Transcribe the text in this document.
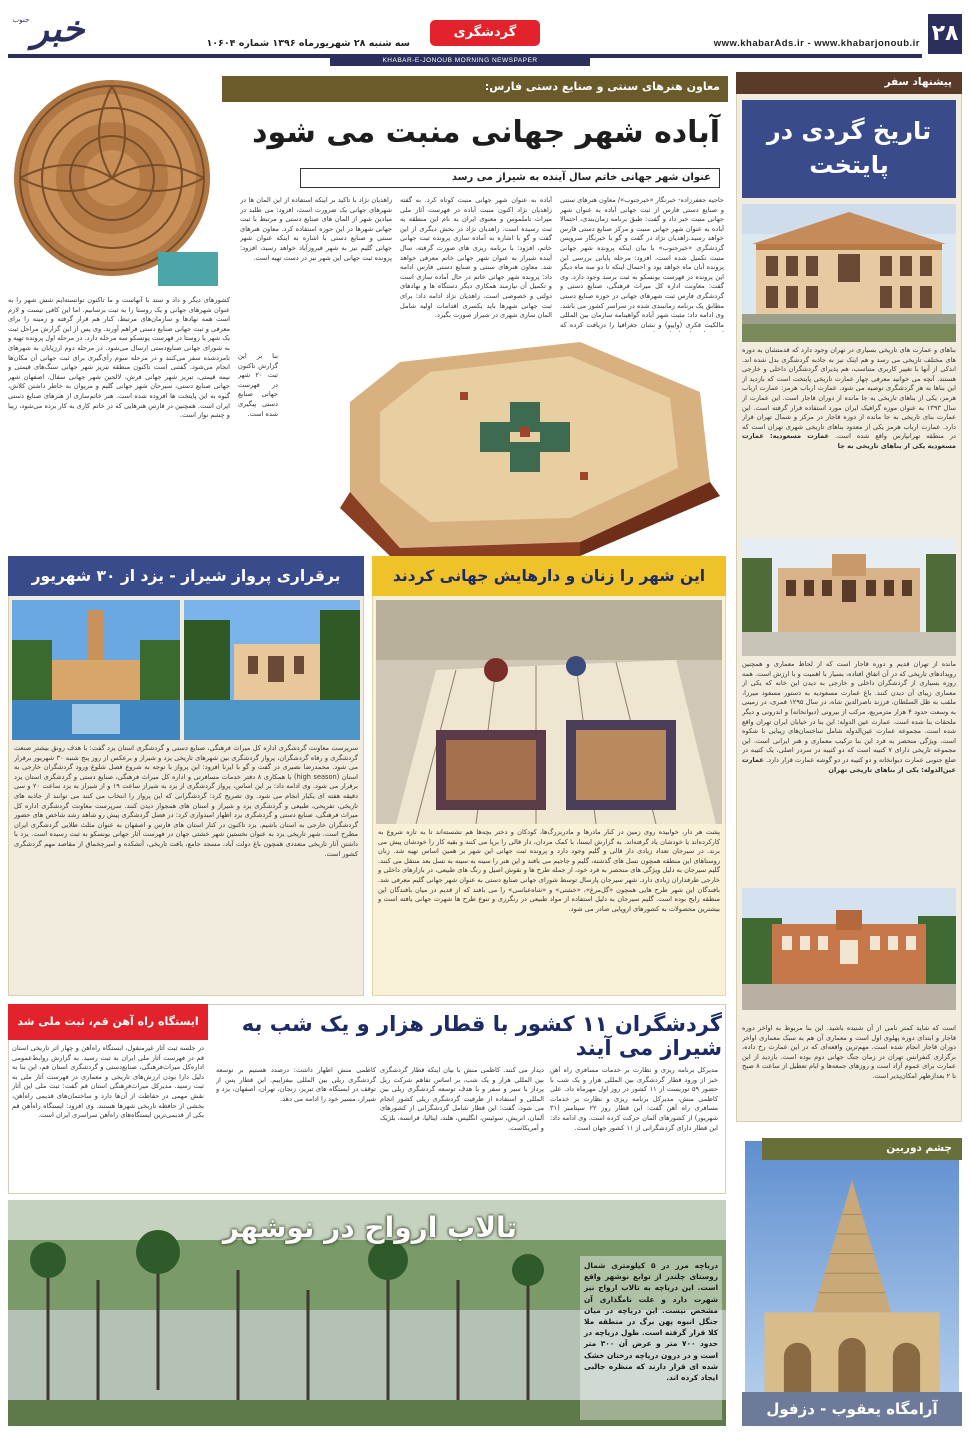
۲۸
www.khabarAds.ir - www.khabarjonoub.ir
گردشگری
سه شنبه ۲۸ شهریورماه ۱۳۹۶ شماره ۱۰۶۰۴
خبر
جنوب
KHABAR-E-JONOUB MORNING NEWSPAPER
پیشنهاد سفر
تاریخ گردی در پایتخت
بناهای و عمارت های تاریخی بسیاری در تهران وجود دارد که قدمتشان به دوره های مختلف تاریخی می رسد و هم اینک نیز به جاذبه گردشگری بدل شده اند. اندکی از آنها با تغییر کاربری متناسب، هم پذیرای گردشگران داخلی و خارجی هستند. آنچه می خوانید معرفی چهار عمارت تاریخی پایتخت است که بازدید از این بناها به هر گردشگری توصیه می شود. عمارت ارباب هرمز: عمارت ارباب هرمز، یکی از بناهای تاریخی به جا مانده از دوران قاجار است. این عمارت از سال ۱۳۹۳ به عنوان موزه گرافیک ایران مورد استفاده قرار گرفته است. این عمارت بنای تاریخی به جا مانده از دوره قاجار در مرکز و شمال تهران قرار دارد. عمارت ارباب هرمز یکی از معدود بناهای تاریخی شهری تهران است که در منطقه تهرانپارس واقع شده است. عمارت مسعودیه: عمارت مسعودیه یکی از بناهای تاریخی به جا
مانده از تهران قدیم و دوره قاجار است که از لحاظ معماری و همچنین رویدادهای تاریخی که در آن اتفاق افتاده، بسیار با اهمیت و با ارزش است. همه روزه بسیاری از گردشگران داخلی و خارجی به دیدن این خانه که یکی از معماری زیبای آن دیدن کنند. باغ عمارت مسعودیه به دستور مسعود میرزا، ملقب به ظل السلطان، فرزند ناصرالدین شاه، در سال ۱۲۹۵ قمری، در زمینی به وسعت حدود ۴ هزار مترمربع، مرکب از بیرونی (دیوانخانه) و اندرونی و دیگر ملحقات بنا شده است. عمارت عین الدوله: این بنا در خیابان ایران تهران واقع شده است. مجموعه عمارت عین‌الدوله شامل ساختمان‌های زیبایی با شکوه است. ویژگی منحصر به فرد این بنا ترکیب معماری و هنر ایرانی است. این مجموعه تاریخی دارای ۷ کتیبه است که دو کتیبه در سردر اصلی، یک کتیبه در ضلع جنوبی عمارت دیوانخانه و دو کتیبه در دو گوشه عمارت قرار دارد. عمارت عین‌الدوله: یکی از بناهای تاریخی تهران
است که شاید کمتر نامی از آن شنیده باشید. این بنا مربوط به اواخر دوره قاجار و ابتدای دوره پهلوی اول است و معماری آن هم به سبک معماری اواخر دوران قاجار انجام شده است. مهم‌ترین واقعه‌ای که در این عمارت رخ داده، برگزاری کنفرانس تهران در زمان جنگ جهانی دوم بوده است. بازدید از این عمارت برای عموم آزاد است و روزهای جمعه‌ها و ایام تعطیل از ساعت ۸ صبح تا ۲ بعدازظهر امکان‌پذیر است.
چشم دوربین
آرامگاه یعقوب - دزفول
معاون هنرهای سنتی و صنایع دستی فارس:
آباده شهر جهانی منبت می شود
عنوان شهر جهانی خاتم سال آینده به شیراز می رسد
حاجیه جعفرزاده- خبرنگار «خبرجنوب»/ معاون هنرهای سنتی و صنایع دستی فارس از ثبت جهانی آباده به عنوان شهر جهانی منبت خبر داد و گفت: طبق برنامه زمان‌بندی، احتمالا آباده به عنوان شهر جهانی منبت و مرکز صنایع دستی فارس خواهد رسید.زاهدیان نژاد در گفت و گو با خبرنگار سرویس گردشگری «خبرجنوب» با بیان اینکه پرونده شهر جهانی منبت تکمیل شده است، افزود: مرحله پایانی بررسی این پرونده آبان ماه خواهد بود و احتمال اینکه تا دو سه ماه دیگر این پرونده در فهرست یونسکو به ثبت برسد وجود دارد. وی گفت: معاونت اداره کل میراث فرهنگی، صنایع دستی و گردشگری فارس ثبت شهرهای جهانی در حوزه صنایع دستی مطابق یک برنامه زمانبندی شده در سراسر کشور می باشد. وی ادامه داد: مثبت شهر آباده گواهینامه سازمان بین المللی مالکیت فکری (وایپو) و نشان جغرافیا را دریافت کرده که
آباده به عنوان شهر جهانی منبت کوتاه کرد. به گفته زاهدیان نژاد اکنون منبت آباده در فهرست آثار ملی میراث ناملموس و معنوی ایران به نام این منطقه به ثبت رسیده است. زاهدیان نژاد در بخش دیگری از این گفت و گو با اشاره به آماده سازی پرونده ثبت جهانی خاتم، افزود: با برنامه ریزی های صورت گرفته، سال آینده شیراز به عنوان شهر جهانی خاتم معرفی خواهد شد. معاون هنرهای سنتی و صنایع دستی فارس ادامه داد: پرونده شهر جهانی خاتم در حال آماده سازی است و تکمیل آن نیازمند همکاری دیگر دستگاه ها و نهادهای دولتی و خصوصی است. زاهدیان نژاد ادامه داد: برای ثبت جهانی شهرها باید یکسری اقدامات اولیه شامل المان سازی شهری در شیراز صورت بگیرد.
زاهدیان نژاد با تاکید بر اینکه استفاده از این المان ها در شهرهای جهانی یک ضرورت است، افزود: می طلبد در میادین شهر از المان های صنایع دستی و مرتبط با ثبت جهانی شهرها در این حوزه استفاده کرد. معاون هنرهای سنتی و صنایع دستی با اشاره به اینکه عنوان شهر جهانی گلیم نیز به شهر فیروزآباد خواهد رسید، افزود: پرونده ثبت جهانی این شهر نیز در دست تهیه است.
کشورهای دیگر و داد و ستد با آنهاست و ما تاکنون توانسته‌ایم شش شهر را به عنوان شهرهای جهانی و یک روستا را به ثبت برسانیم. اما این کافی نیست و لازم است همه نهادها و سازمان‌های مرتبط، کنار هم قرار گرفته و زمینه را برای معرفی و ثبت جهانی صنایع دستی فراهم آورند. وی پس از این گزارش مراحل ثبت یک شهر یا روستا در فهرست یونسکو سه مرحله دارد. در مرحله اول پرونده تهیه و به شورای جهانی صنایع‌دستی ارسال می‌شود. در مرحله دوم ارزیابان به شهرهای نامزدشده سفر می‌کنند و در مرحله سوم رأی‌گیری برای ثبت جهانی آن مکان‌ها انجام می‌شود. گفتنی است تاکنون منطقه تبریز شهر جهانی سنگ‌های قیمتی و نیمه قیمتی، تبریز شهر جهانی فرش، لالجین شهر جهانی سفال، اصفهان شهر جهانی صنایع دستی، سیرجان شهر جهانی گلیم و مریوان به خاطر داشتن کلاش، گیوه به این پایتخت ها افزوده شده است. هنر خاتم‌سازی از هنرهای صنایع دستی ایران است. همچنین در فارس هنرهایی که در خاتم کاری به کار برده می‌شود، زیبا و چشم نواز است.
بنا بر این گزارش تاکنون ثبت ۲۰ شهر در فهرست جهانی صنایع دستی پیگیری شده است.
برقراری پرواز شیراز - یزد از ۳۰ شهریور
سرپرست معاونت گردشگری اداره کل میراث فرهنگی، صنایع دستی و گردشگری استان یزد گفت: با هدف رونق بیشتر صنعت گردشگری و رفاه گردشگران، پرواز گردشگری بین شهرهای تاریخی یزد و شیراز و برعکس از روز پنج شنبه ۳۰ شهریور برقرار می شود. محمدرضا نصیری در گفت و گو با ایرنا افزود: این پرواز با توجه به شروع فصل شلوغ ورود گردشگران خارجی به استان (high season) با همکاری ۸ دفتر خدمات مسافرتی و اداره کل میراث فرهنگی، صنایع دستی و گردشگری استان یزد برقرار می شود. وی ادامه داد: بر این اساس، پرواز گردشگری از یزد به شیراز ساعت ۱۹ و از شیراز به یزد ساعت ۲۰ و سی دقیقه هفته ای یکبار انجام می شود. وی تصریح کرد: گردشگرانی که این پرواز را انتخاب می کنند می توانند از جاذبه های تاریخی، تفریحی، طبیعی و گردشگری یزد و شیراز و استان های همجوار دیدن کنند. سرپرست معاونت گردشگری اداره کل میراث فرهنگی، صنایع دستی و گردشگری یزد اظهار امیدواری کرد: در فصل گردشگری پیش رو شاهد رشد شاخص های حضور گردشگران خارجی به استان باشیم. یزد تاکنون در کنار استان های فارس و اصفهان به عنوان مثلث طلایی گردشگری ایران مطرح است. شهر تاریخی یزد به عنوان نخستین شهر خشتی جهان در فهرست آثار جهانی یونسکو به ثبت رسیده است. یزد با داشتن آثار تاریخی متعددی همچون باغ دولت آباد، مسجد جامع، بافت تاریخی، آتشکده و امیرچخماق از مقاصد مهم گردشگری کشور است.
این شهر را زنان و دارهایش جهانی کردند
پشت هر دار، خوابیده روی زمین در کنار مادرها و مادربزرگ‌ها، کودکان و دختر بچه‌ها هم نشسته‌اند تا به تازه شروع به کارکرده‌اند یا خودشان یاد گرفته‌اند. به گزارش ایسنا، با کمک مردان، دار قالی را برپا می کنند و بقیه کار را خودشان پیش می برند. در سیرجان تعداد زیادی دار قالی و گلیم وجود دارد و پرونده ثبت جهانی این شهر بر همین اساس تهیه شد. زنان روستاهای این منطقه همچون نسل های گذشته، گلیم و جاجیم می بافند و این هنر را سینه به سینه به نسل بعد منتقل می کنند. گلیم سیرجان به دلیل ویژگی های منحصر به فرد خود، از جمله طرح ها و نقوش اصیل و رنگ های طبیعی، در بازارهای داخلی و خارجی طرفداران زیادی دارد. شهر سیرجان پارسال توسط شورای جهانی صنایع دستی به عنوان شهر جهانی گلیم معرفی شد. بافندگان این شهر طرح هایی همچون «گل‌مرغ»، «خشتی» و «شاه‌عباسی» را می بافند که از قدیم در میان بافندگان این منطقه رایج بوده است. گلیم سیرجان به دلیل استفاده از مواد طبیعی در رنگرزی و تنوع طرح ها شهرت جهانی یافته است و بیشترین محصولات به کشورهای اروپایی صادر می شود.
ایستگاه راه آهن قم، ثبت ملی شد
در جلسه ثبت آثار غیرمنقول، ایستگاه راه‌آهن و چهار اثر تاریخی استان قم در فهرست آثار ملی ایران به ثبت رسید. به گزارش روابط‌عمومی اداره‌کل میراث‌فرهنگی، صنایع‌دستی و گردشگری استان قم، این بنا به دلیل دارا بودن ارزش‌های تاریخی و معماری در فهرست آثار ملی به ثبت رسید. مدیرکل میراث‌فرهنگی استان قم گفت: ثبت ملی این آثار نقش مهمی در حفاظت از آن‌ها دارد و ساختمان‌های قدیمی راه‌آهن، بخشی از حافظه تاریخی شهرها هستند. وی افزود: ایستگاه راه‌آهن قم یکی از قدیمی‌ترین ایستگاه‌های راه‌آهن سراسری ایران است.
گردشگران ۱۱ کشور با قطار هزار و یک شب به شیراز می آیند
مدیرکل برنامه ریزی و نظارت بر خدمات مسافری راه آهن خبر از ورود قطار گردشگری بین المللی هزار و یک شب با حضور ۵۹ توریست از ۱۱ کشور در روز اول مهرماه داد. علی کاظمی منش، مدیرکل برنامه ریزی و نظارت بر خدمات مسافری راه آهن گفت: این قطار روز ۲۲ سپتامبر (۳۱ شهریور) از کشورهای آلمان حرکت کرده است. وی ادامه داد: این قطار دارای گردشگرانی از ۱۱ کشور جهان است.
دیدار می کنند. کاظمی منش با بیان اینکه قطار گردشگری بین المللی هزار و یک شب، بر اساس تفاهم شرکت ریل پرداز با سیر و سفر و با هدف توسعه گردشگری ریلی بین المللی و استفاده از ظرفیت گردشگری ریلی کشور انجام می شود، گفت: این قطار شامل گردشگرانی از کشورهای آلمان، اتریش، سوئیس، انگلیس، هلند، ایتالیا، فرانسه، بلژیک و آمریکاست.
کاظمی منش اظهار داشت: درصدد هستیم بر توسعه گردشگری ریلی بین المللی بیفزاییم. این قطار پس از توقف در ایستگاه های تبریز، زنجان، تهران، اصفهان، یزد و شیراز، مسیر خود را ادامه می دهد.
تالاب ارواح در نوشهر
دریاچه مرز در ۵ کیلومتری شمال روستای چلندر از توابع نوشهر واقع است. این دریاچه به تالاب ارواح نیز شهرت دارد و علت نامگذاری آن مشخص نیست. این دریاچه در میان جنگل انبوه پهن برگ در منطقه ملا کلا قرار گرفته است. طول دریاچه در حدود ۷۰۰ متر و عرض آن ۳۰۰ متر است و در درون دریاچه درختان خشک شده ای قرار دارند که منظره جالبی ایجاد کرده اند.
